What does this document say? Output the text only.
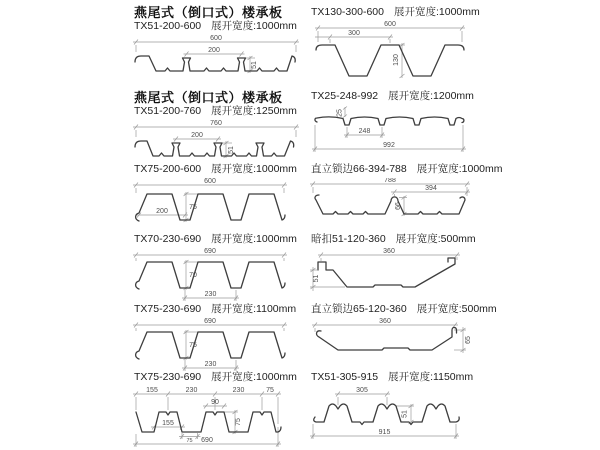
燕尾式（倒口式）楼承板
TX51-200-600 展开宽度:1000mm
600
200
51
燕尾式（倒口式）楼承板
TX51-200-760 展开宽度:1250mm
760
200
51
TX75-200-600 展开宽度:1000mm
600
75
200
TX70-230-690 展开宽度:1000mm
690
70
230
TX75-230-690 展开宽度:1100mm
690
75
230
TX75-230-690 展开宽度:1000mm
155	230	230	75
90
155
75
75
690
TX130-300-600 展开宽度:1000mm
600
300
130
TX25-248-992 展开宽度:1200mm
25
248
992
直立锁边66-394-788 展开宽度:1000mm
788
394
66
暗扣51-120-360 展开宽度:500mm
360
51
直立锁边65-120-360 展开宽度:500mm
360
65
TX51-305-915 展开宽度:1150mm
305
51
915
